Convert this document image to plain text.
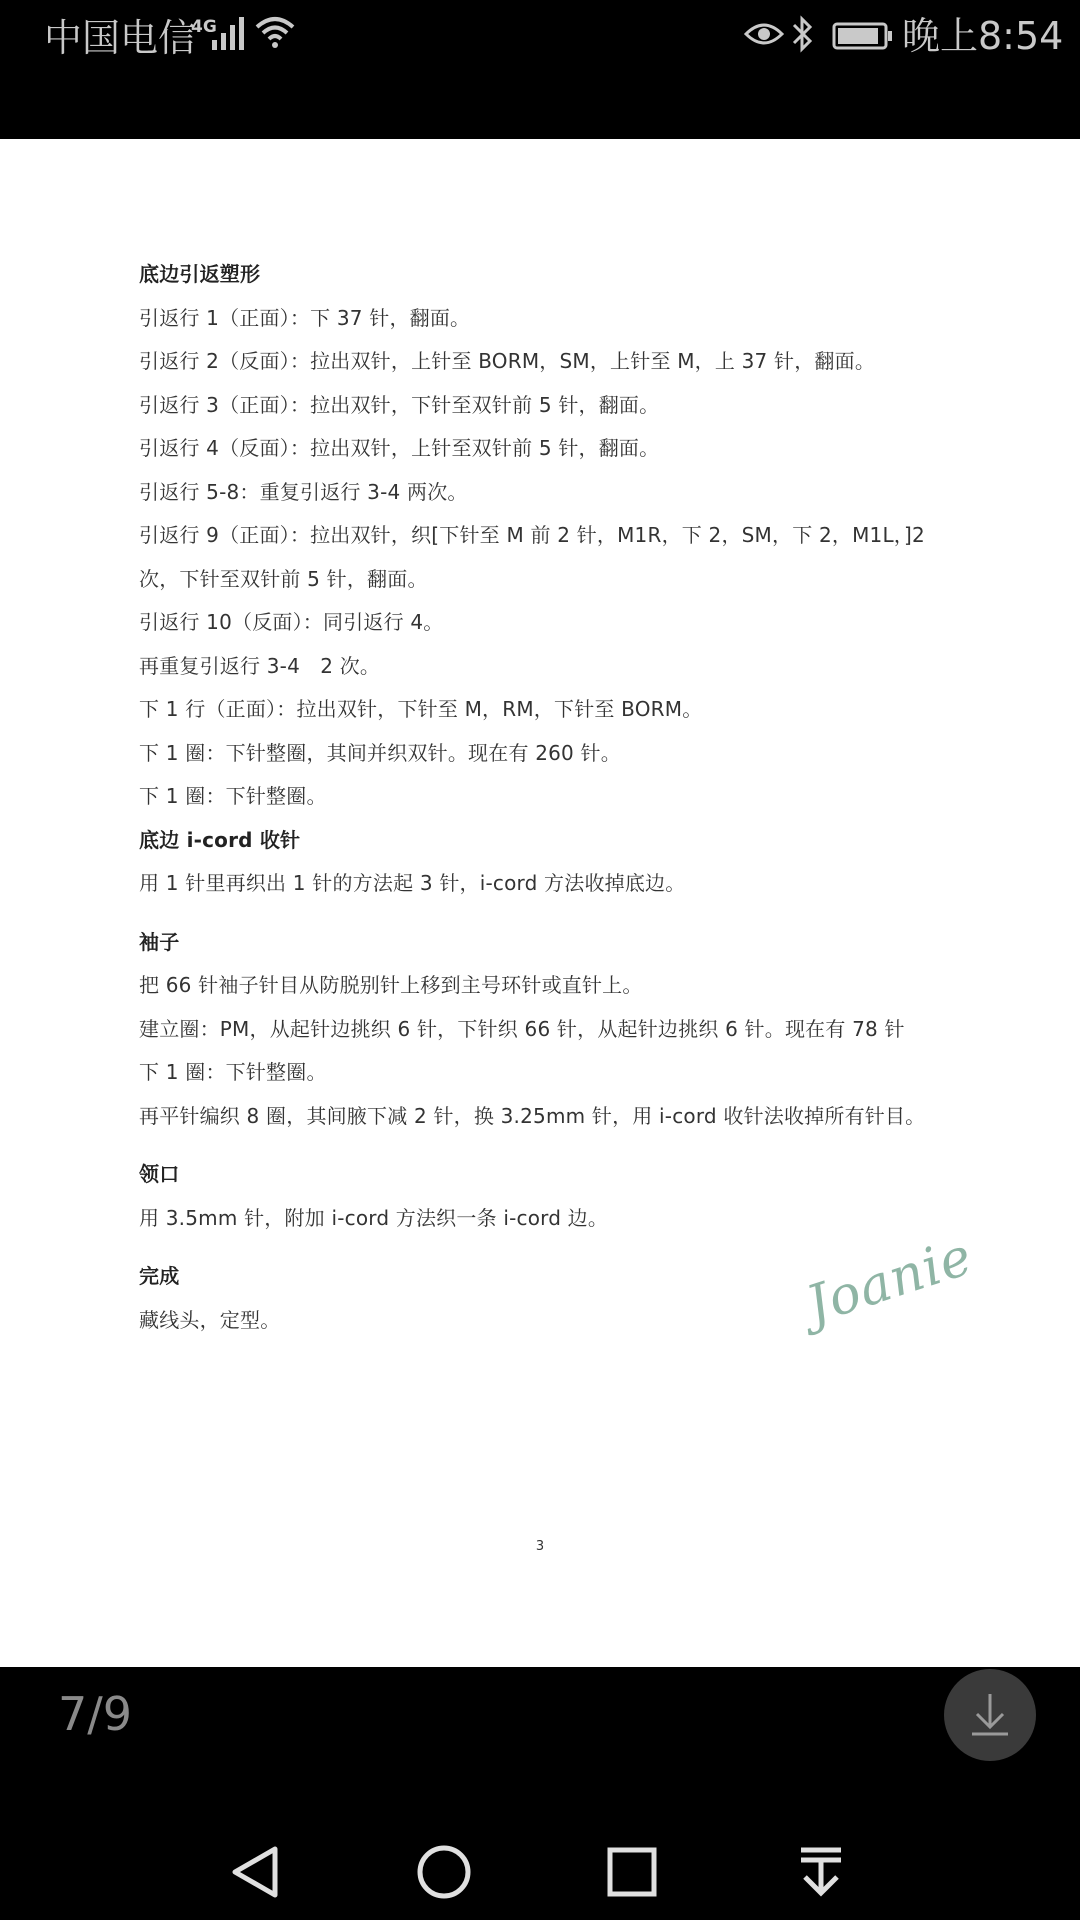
中国电信
4G	晚上8:54
底边引返塑形
引返行 1（正面）：下 37 针，翻面。
引返行 2（反面）：拉出双针，上针至 BORM，SM，上针至 M，上 37 针，翻面。
引返行 3（正面）：拉出双针，下针至双针前 5 针，翻面。
引返行 4（反面）：拉出双针，上针至双针前 5 针，翻面。
引返行 5-8：重复引返行 3-4 两次。
引返行 9（正面）：拉出双针，织[下针至 M 前 2 针，M1R，下 2，SM，下 2，M1L，]2
次，下针至双针前 5 针，翻面。
引返行 10（反面）：同引返行 4。
再重复引返行 3-4　2 次。
下 1 行（正面）：拉出双针，下针至 M，RM，下针至 BORM。
下 1 圈：下针整圈，其间并织双针。现在有 260 针。
下 1 圈：下针整圈。
底边 i-cord 收针
用 1 针里再织出 1 针的方法起 3 针，i-cord 方法收掉底边。
袖子
把 66 针袖子针目从防脱别针上移到主号环针或直针上。
建立圈：PM，从起针边挑织 6 针，下针织 66 针，从起针边挑织 6 针。现在有 78 针
下 1 圈：下针整圈。
再平针编织 8 圈，其间腋下减 2 针，换 3.25mm 针，用 i-cord 收针法收掉所有针目。
领口
用 3.5mm 针，附加 i-cord 方法织一条 i-cord 边。
完成
藏线头，定型。	Joanie
3
7/9
